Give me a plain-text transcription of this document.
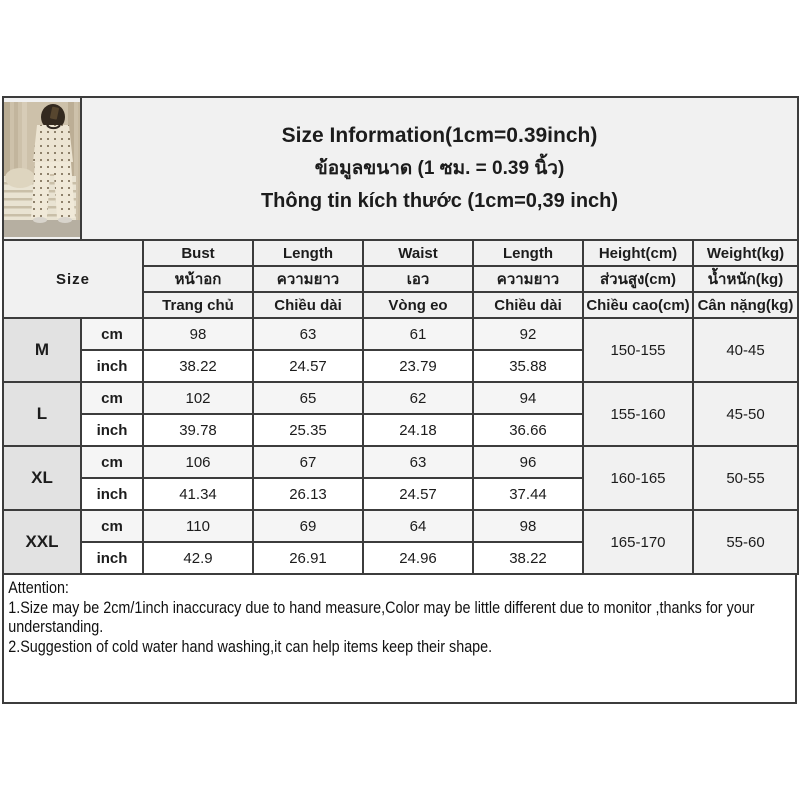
Size Information(1cm=0.39inch)
ข้อมูลขนาด (1 ซม. = 0.39 นิ้ว)
Thông tin kích thước (1cm=0,39 inch)						

Size		Bust	Length	Waist	Length	Height(cm)	Weight(kg)
		หน้าอก	ความยาว	เอว	ความยาว	ส่วนสูง(cm)	น้ำหนัก(kg)
		Trang chủ	Chiều dài	Vòng eo	Chiều dài	Chiều cao(cm)	Cân nặng(kg)
M	cm	98	63	61	92	150-155	40-45
	inch	38.22	24.57	23.79	35.88		
L	cm	102	65	62	94	155-160	45-50
	inch	39.78	25.35	24.18	36.66		
XL	cm	106	67	63	96	160-165	50-55
	inch	41.34	26.13	24.57	37.44		
XXL	cm	110	69	64	98	165-170	55-60
	inch	42.9	26.91	24.96	38.22		
Attention:
1.Size may be 2cm/1inch inaccuracy due to hand measure,Color may be little different due to monitor ,thanks for your understanding.
2.Suggestion of cold water hand washing,it can help items keep their shape.
